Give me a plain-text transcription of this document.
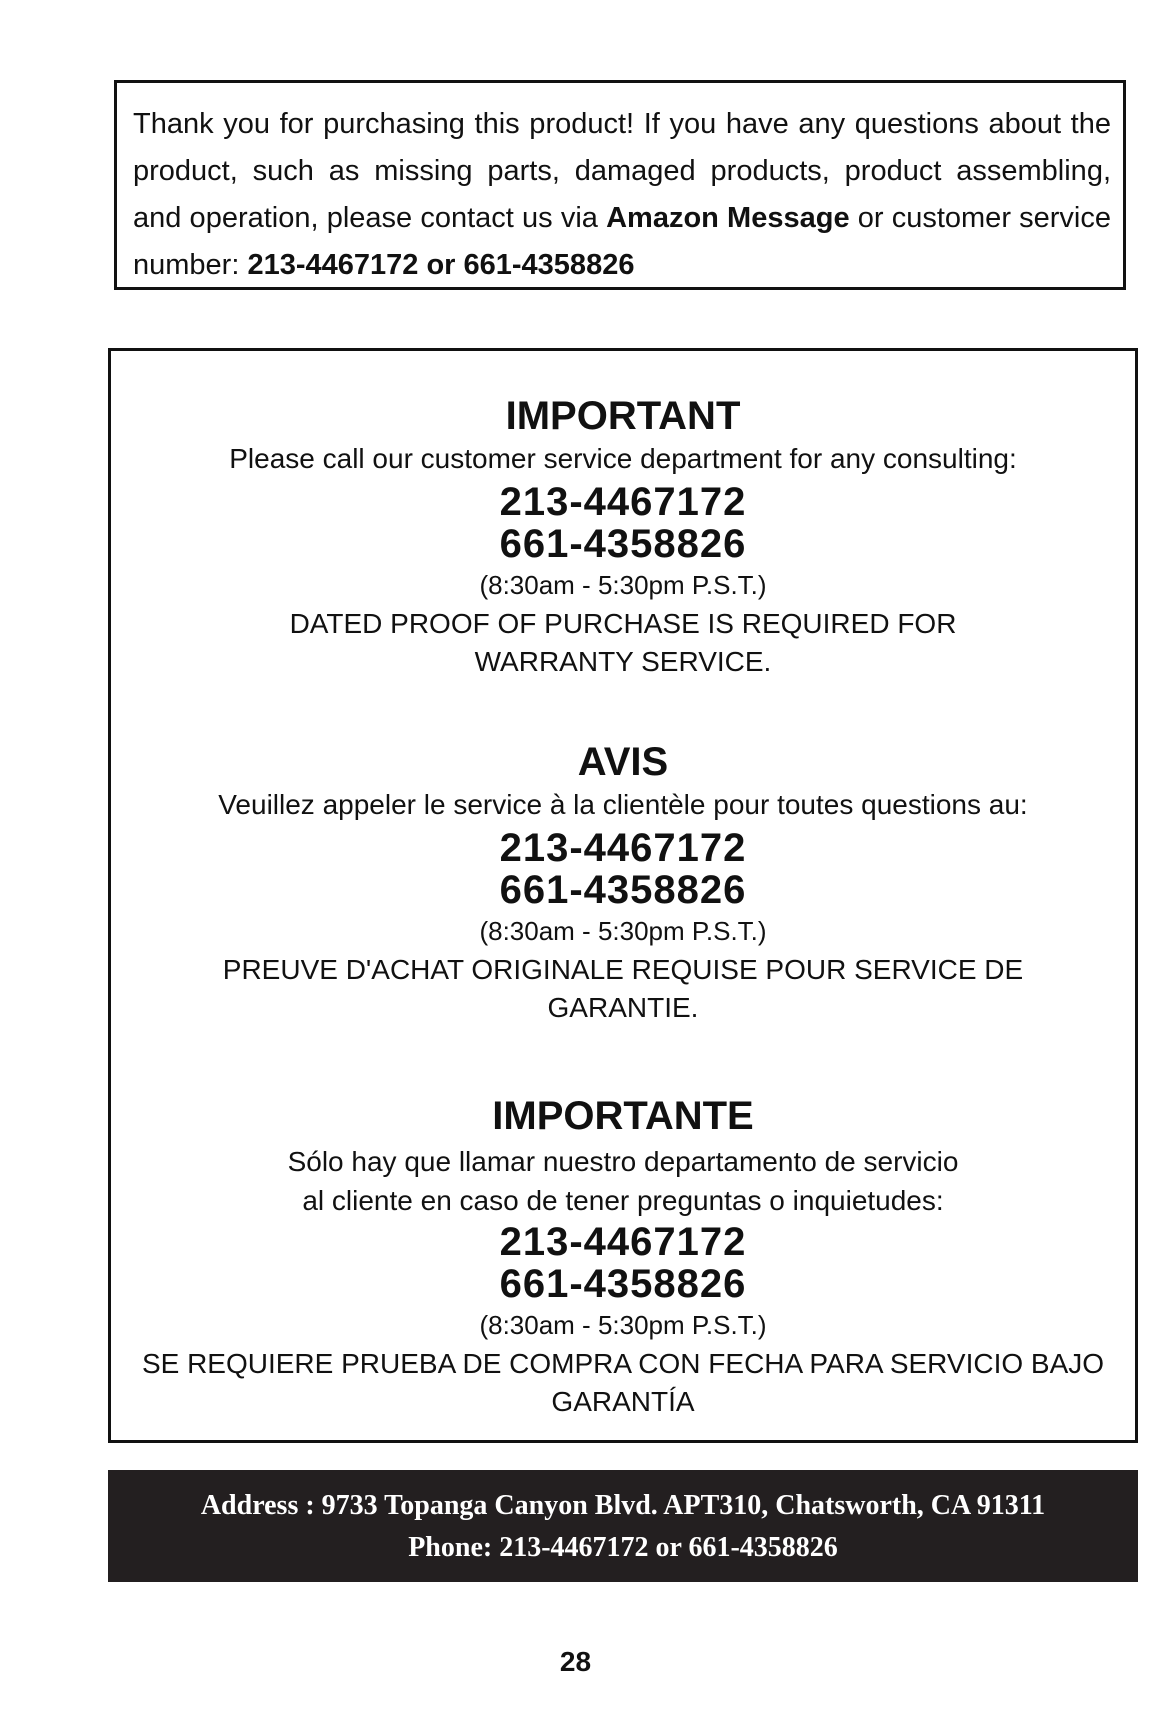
Thank you for purchasing this product! If you have any questions about the product, such as missing parts, damaged products, product assembling, and operation, please contact us via Amazon Message or customer service number: 213-4467172 or 661-4358826
IMPORTANT
Please call our customer service department for any consulting:
213-4467172
661-4358826
(8:30am - 5:30pm P.S.T.)
DATED PROOF OF PURCHASE IS REQUIRED FOR WARRANTY SERVICE.
AVIS
Veuillez appeler le service à la clientèle pour toutes questions au:
213-4467172
661-4358826
(8:30am - 5:30pm P.S.T.)
PREUVE D'ACHAT ORIGINALE REQUISE POUR SERVICE DE GARANTIE.
IMPORTANTE
Sólo hay que llamar nuestro departamento de servicio
al cliente en caso de tener preguntas o inquietudes:
213-4467172
661-4358826
(8:30am - 5:30pm P.S.T.)
SE REQUIERE PRUEBA DE COMPRA CON FECHA PARA SERVICIO BAJO GARANTÍA
Address : 9733 Topanga Canyon Blvd. APT310, Chatsworth, CA 91311
Phone: 213-4467172 or 661-4358826
28
